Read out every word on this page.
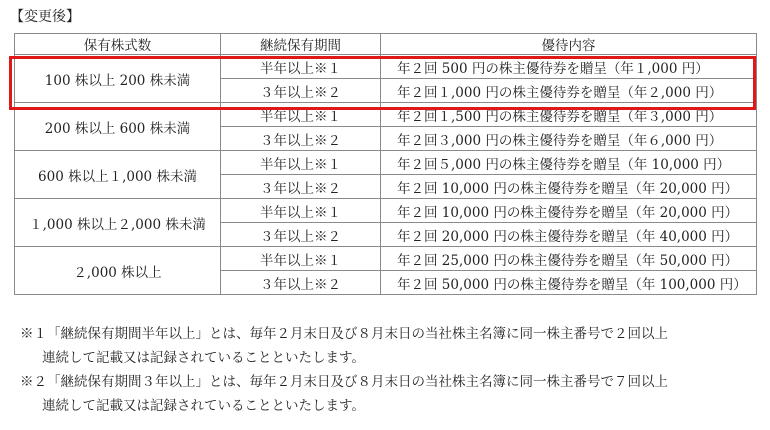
【変更後】
保有株式数	継続保有期間	優待内容
100 株以上 200 株未満	半年以上※１	年２回 500 円の株主優待券を贈呈（年１,000 円）
	３年以上※２	年２回１,000 円の株主優待券を贈呈（年２,000 円）
200 株以上 600 株未満	半年以上※１	年２回１,500 円の株主優待券を贈呈（年３,000 円）
	３年以上※２	年２回３,000 円の株主優待券を贈呈（年６,000 円）
600 株以上１,000 株未満	半年以上※１	年２回５,000 円の株主優待券を贈呈（年 10,000 円）
	３年以上※２	年２回 10,000 円の株主優待券を贈呈（年 20,000 円）
１,000 株以上２,000 株未満	半年以上※１	年２回 10,000 円の株主優待券を贈呈（年 20,000 円）
	３年以上※２	年２回 20,000 円の株主優待券を贈呈（年 40,000 円）
２,000 株以上	半年以上※１	年２回 25,000 円の株主優待券を贈呈（年 50,000 円）
	３年以上※２	年２回 50,000 円の株主優待券を贈呈（年 100,000 円）
※１「継続保有期間半年以上」とは、毎年２月末日及び８月末日の当社株主名簿に同一株主番号で２回以上
連続して記載又は記録されていることといたします。
※２「継続保有期間３年以上」とは、毎年２月末日及び８月末日の当社株主名簿に同一株主番号で７回以上
連続して記載又は記録されていることといたします。
